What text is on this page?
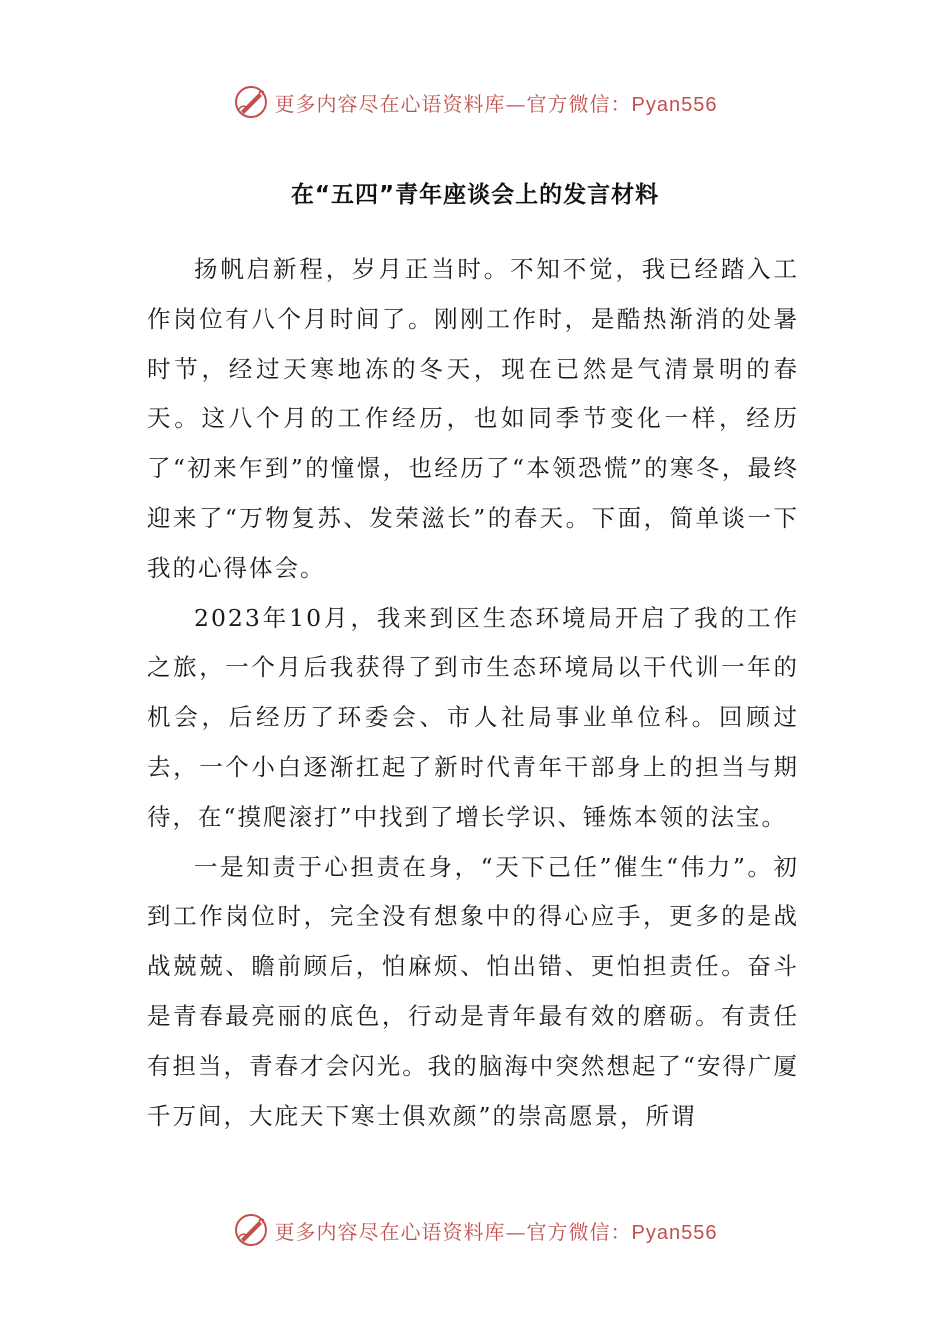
更多内容尽在心语资料库—官方微信：Pyan556
在“五四”青年座谈会上的发言材料

扬帆启新程，岁月正当时。不知不觉，我已经踏入工作岗位有八个月时间了。刚刚工作时，是酷热渐消的处暑时节，经过天寒地冻的冬天，现在已然是气清景明的春天。这八个月的工作经历，也如同季节变化一样，经历了“初来乍到”的憧憬，也经历了“本领恐慌”的寒冬，最终迎来了“万物复苏、发荣滋长”的春天。下面，简单谈一下我的心得体会。

2023年10月，我来到区生态环境局开启了我的工作之旅，一个月后我获得了到市生态环境局以干代训一年的机会，后经历了环委会、市人社局事业单位科。回顾过去，一个小白逐渐扛起了新时代青年干部身上的担当与期待，在“摸爬滚打”中找到了增长学识、锤炼本领的法宝。

一是知责于心担责在身，“天下己任”催生“伟力”。初到工作岗位时，完全没有想象中的得心应手，更多的是战战兢兢、瞻前顾后，怕麻烦、怕出错、更怕担责任。奋斗是青春最亮丽的底色，行动是青年最有效的磨砺。有责任有担当，青春才会闪光。我的脑海中突然想起了“安得广厦千万间，大庇天下寒士俱欢颜”的崇高愿景，所谓

更多内容尽在心语资料库—官方微信：Pyan556
